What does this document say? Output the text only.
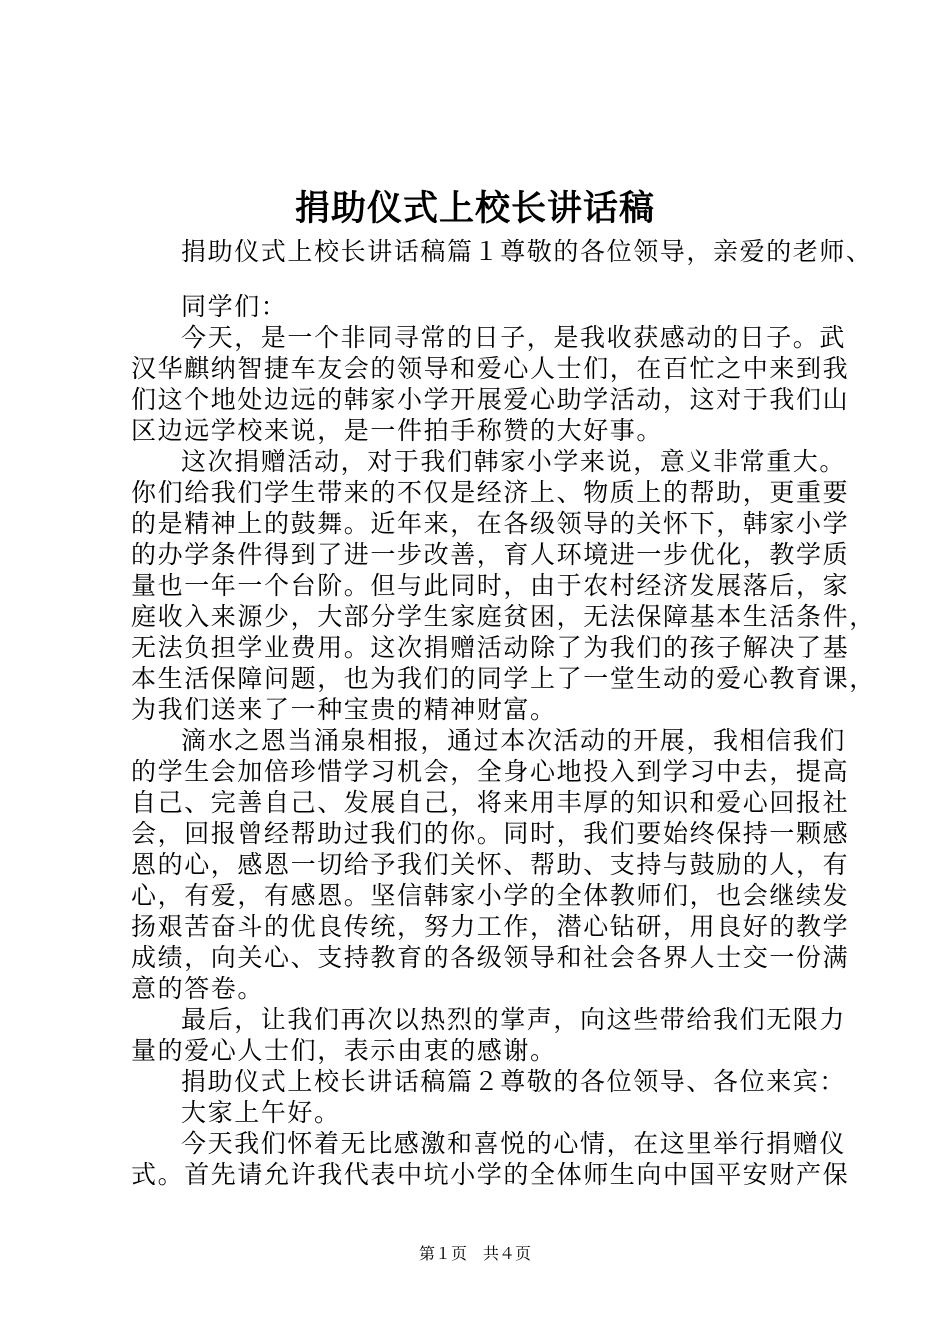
捐助仪式上校长讲话稿
捐助仪式上校长讲话稿篇１尊敬的各位领导，亲爱的老师、
同学们：
今天，是一个非同寻常的日子，是我收获感动的日子。武
汉华麒纳智捷车友会的领导和爱心人士们，在百忙之中来到我
们这个地处边远的韩家小学开展爱心助学活动，这对于我们山
区边远学校来说，是一件拍手称赞的大好事。
这次捐赠活动，对于我们韩家小学来说，意义非常重大。
你们给我们学生带来的不仅是经济上、物质上的帮助，更重要
的是精神上的鼓舞。近年来，在各级领导的关怀下，韩家小学
的办学条件得到了进一步改善，育人环境进一步优化，教学质
量也一年一个台阶。但与此同时，由于农村经济发展落后，家
庭收入来源少，大部分学生家庭贫困，无法保障基本生活条件，
无法负担学业费用。这次捐赠活动除了为我们的孩子解决了基
本生活保障问题，也为我们的同学上了一堂生动的爱心教育课，
为我们送来了一种宝贵的精神财富。
滴水之恩当涌泉相报，通过本次活动的开展，我相信我们
的学生会加倍珍惜学习机会，全身心地投入到学习中去，提高
自己、完善自己、发展自己，将来用丰厚的知识和爱心回报社
会，回报曾经帮助过我们的你。同时，我们要始终保持一颗感
恩的心，感恩一切给予我们关怀、帮助、支持与鼓励的人，有
心，有爱，有感恩。坚信韩家小学的全体教师们，也会继续发
扬艰苦奋斗的优良传统，努力工作，潜心钻研，用良好的教学
成绩，向关心、支持教育的各级领导和社会各界人士交一份满
意的答卷。
最后，让我们再次以热烈的掌声，向这些带给我们无限力
量的爱心人士们，表示由衷的感谢。
捐助仪式上校长讲话稿篇２尊敬的各位领导、各位来宾：
大家上午好。
今天我们怀着无比感激和喜悦的心情，在这里举行捐赠仪
式。首先请允许我代表中坑小学的全体师生向中国平安财产保
第１页　共４页
